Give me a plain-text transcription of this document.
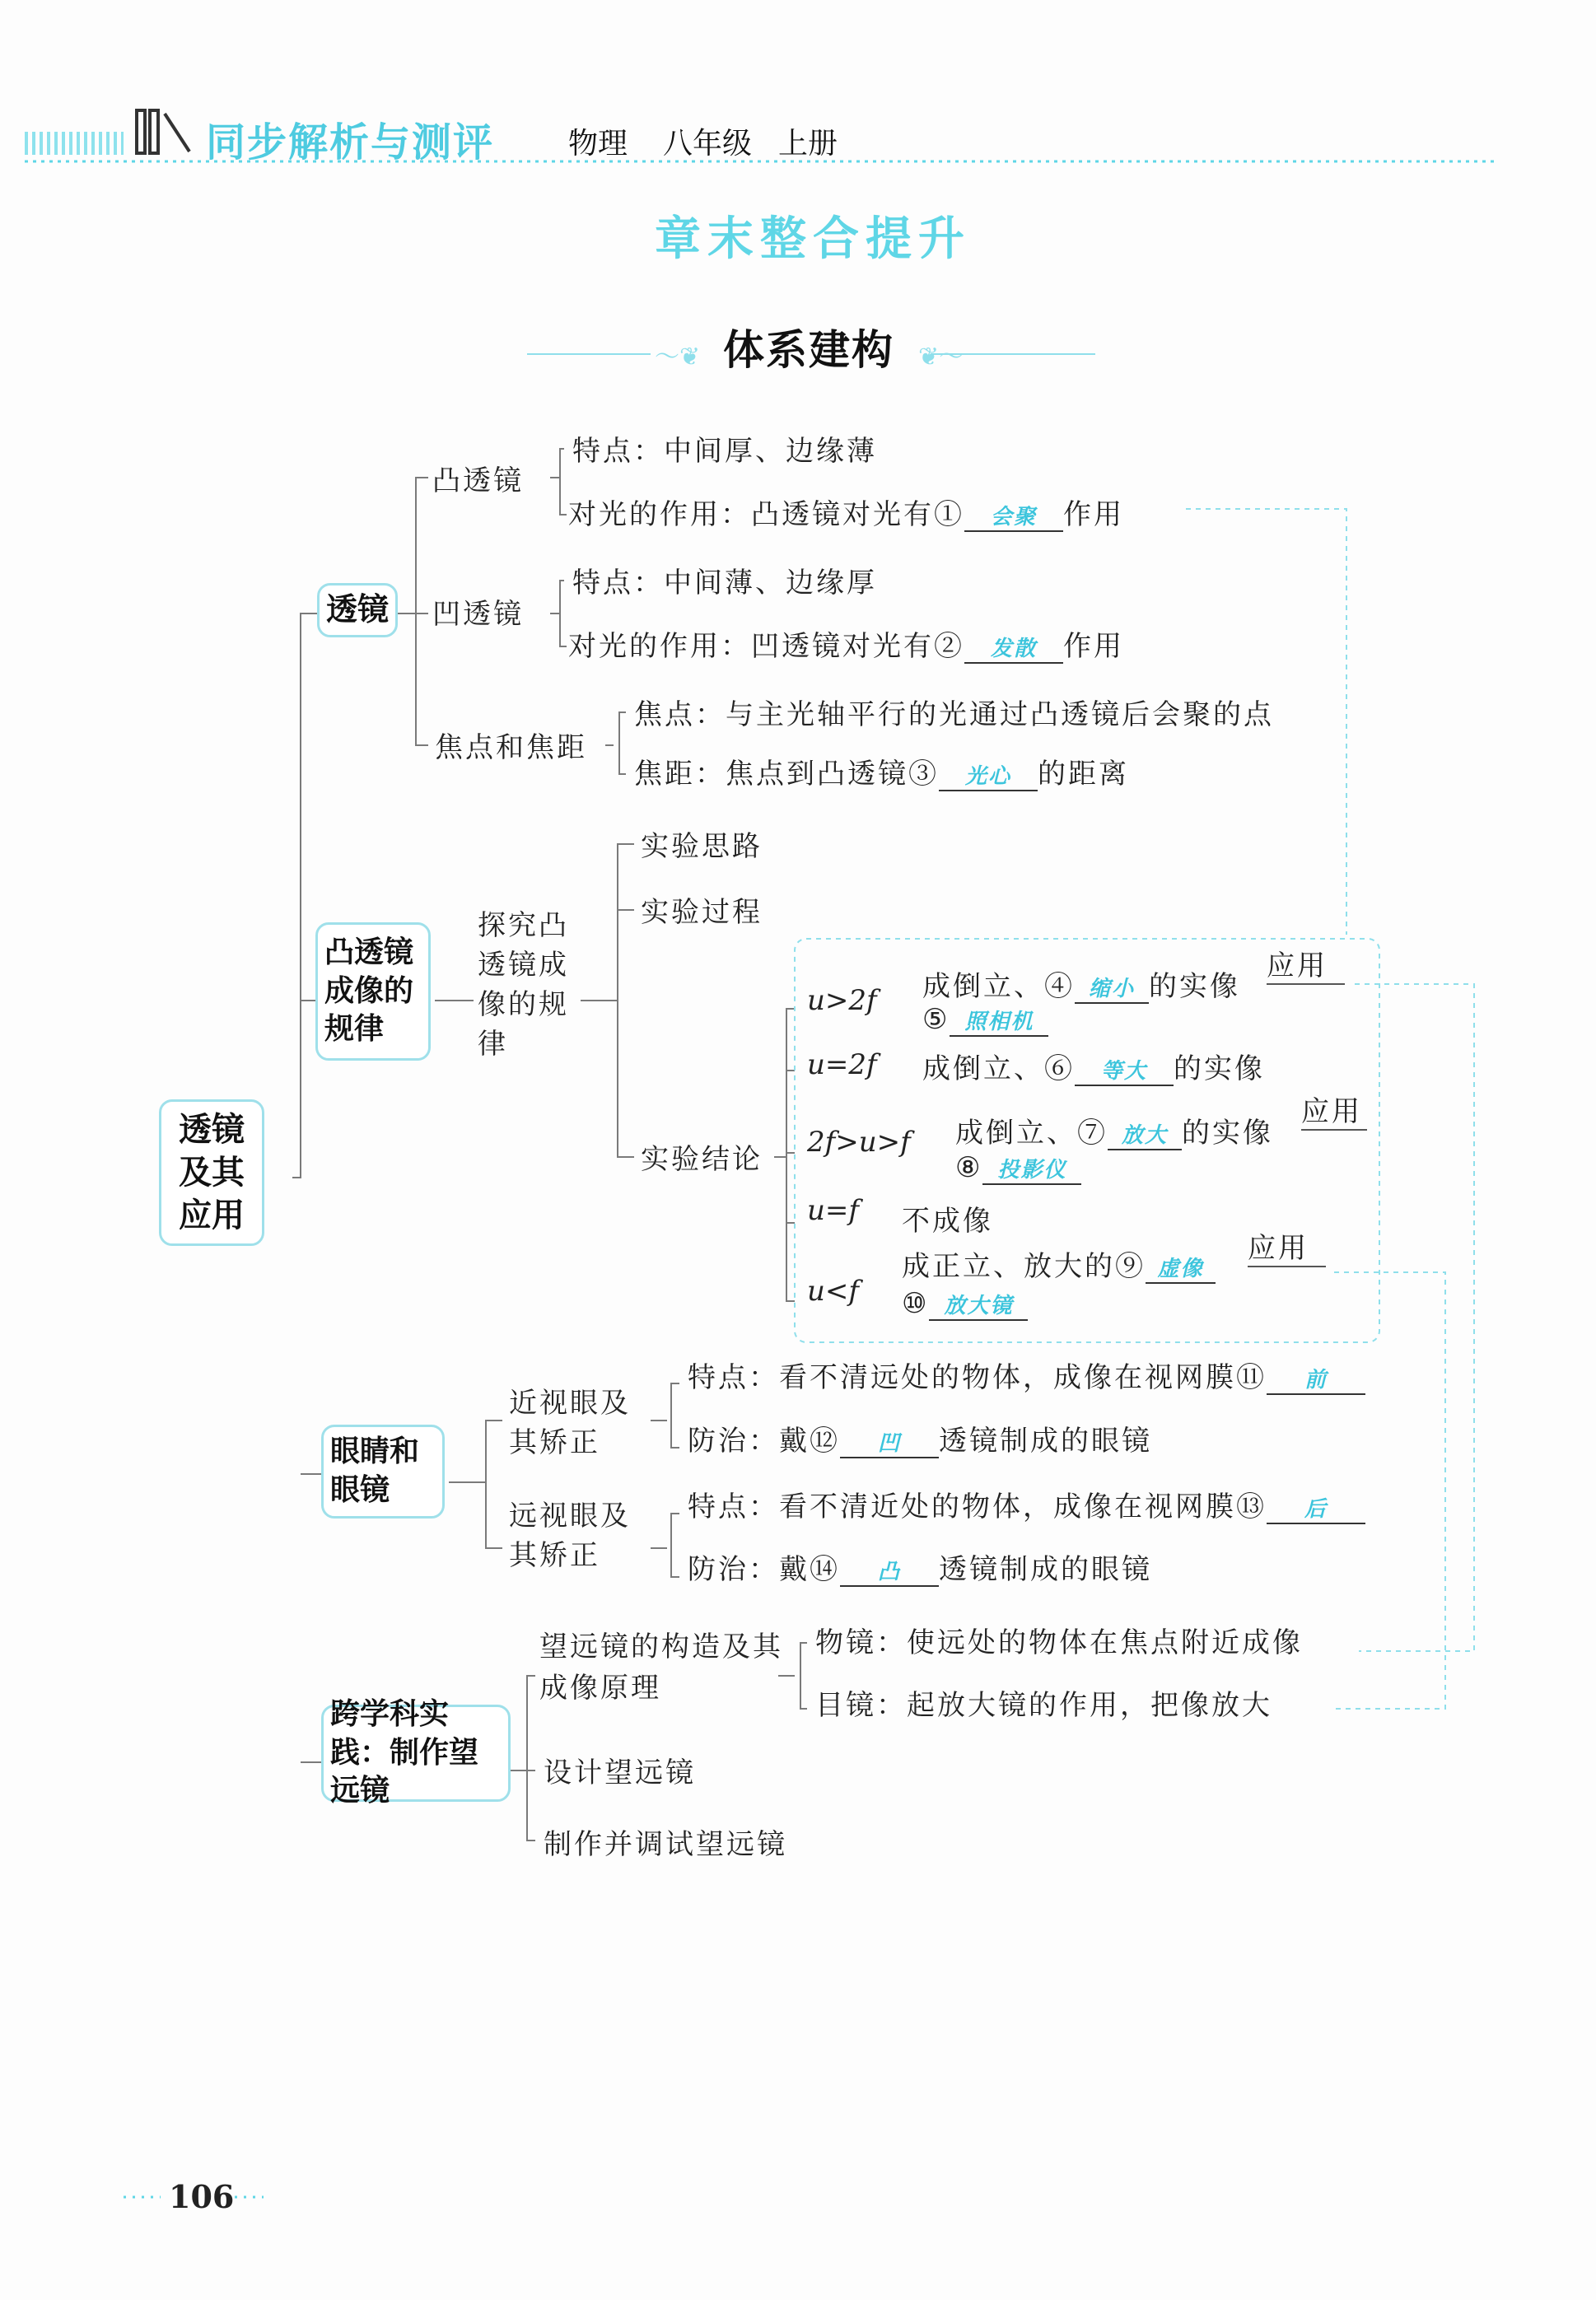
同步解析与测评 物理 八年级 上册
章末整合提升
〜❦ 体系建构 ❦〜
透镜及其应用
透镜
凸透镜
特点：中间厚、边缘薄
对光的作用：凸透镜对光有① 会聚 作用
凹透镜
特点：中间薄、边缘厚
对光的作用：凹透镜对光有② 发散 作用
焦点和焦距
焦点：与主光轴平行的光通过凸透镜后会聚的点
焦距：焦点到凸透镜③ 光心 的距离
凸透镜成像的规律
探究凸透镜成像的规律
实验思路
实验过程
实验结论
u>2f 成倒立、④ 缩小 的实像
应用
⑤ 照相机
u=2f 成倒立、⑥ 等大 的实像
2f>u>f 成倒立、⑦ 放大 的实像
应用
⑧ 投影仪
u=f 不成像
u<f
成正立、放大的⑨ 虚像
应用
⑩ 放大镜
眼睛和眼镜
近视眼及其矫正
特点：看不清远处的物体，成像在视网膜⑪ 前
防治：戴⑫ 凹 透镜制成的眼镜
远视眼及其矫正
特点：看不清近处的物体，成像在视网膜⑬ 后
防治：戴⑭ 凸 透镜制成的眼镜
跨学科实践：制作望远镜
望远镜的构造及其成像原理
物镜：使远处的物体在焦点附近成像
目镜：起放大镜的作用，把像放大
设计望远镜
制作并调试望远镜
106
